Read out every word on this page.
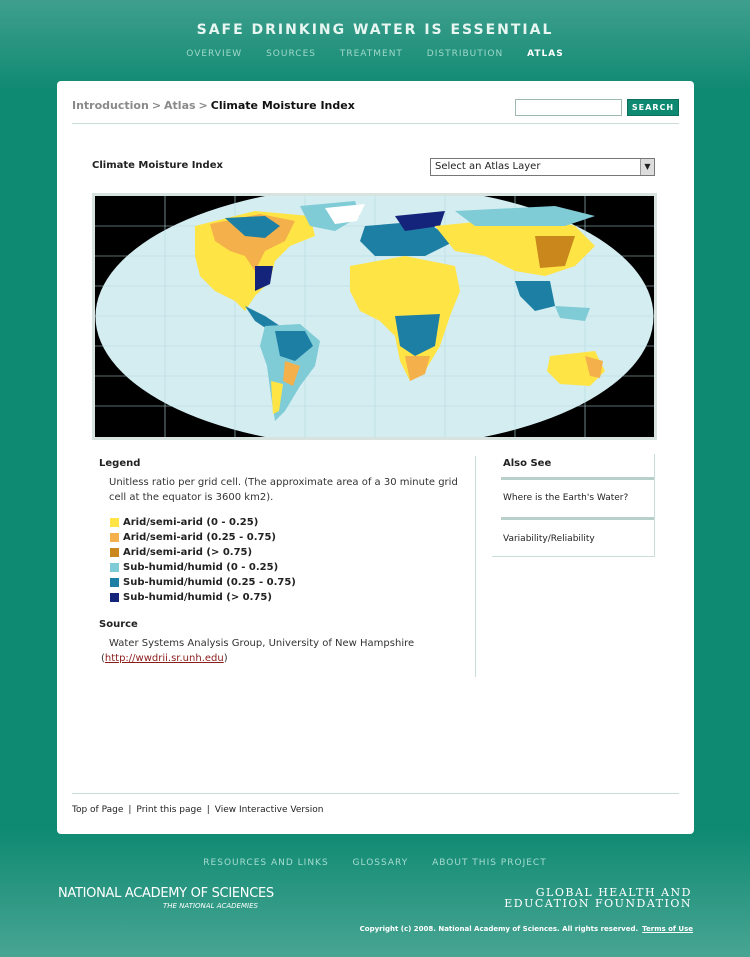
SAFE DRINKING WATER IS ESSENTIAL
OVERVIEW	SOURCES	TREATMENT	DISTRIBUTION	ATLAS
Introduction > Atlas > Climate Moisture Index	SEARCH
Climate Moisture Index	Select an Atlas Layer	▼
Legend
Unitless ratio per grid cell. (The approximate area of a 30 minute grid cell at the equator is 3600 km2).
Arid/semi-arid (0 - 0.25)
Arid/semi-arid (0.25 - 0.75)
Arid/semi-arid (> 0.75)
Sub-humid/humid (0 - 0.25)
Sub-humid/humid (0.25 - 0.75)
Sub-humid/humid (> 0.75)
Source
Water Systems Analysis Group, University of New Hampshire
(http://wwdrii.sr.unh.edu)
Also See
Where is the Earth's Water?
Variability/Reliability
Top of Page | Print this page | View Interactive Version
RESOURCES AND LINKS	GLOSSARY	ABOUT THIS PROJECT
NATIONAL ACADEMY OF SCIENCES
THE NATIONAL ACADEMIES
GLOBAL HEALTH AND
EDUCATION FOUNDATION
Copyright (c) 2008. National Academy of Sciences. All rights reserved. Terms of Use
